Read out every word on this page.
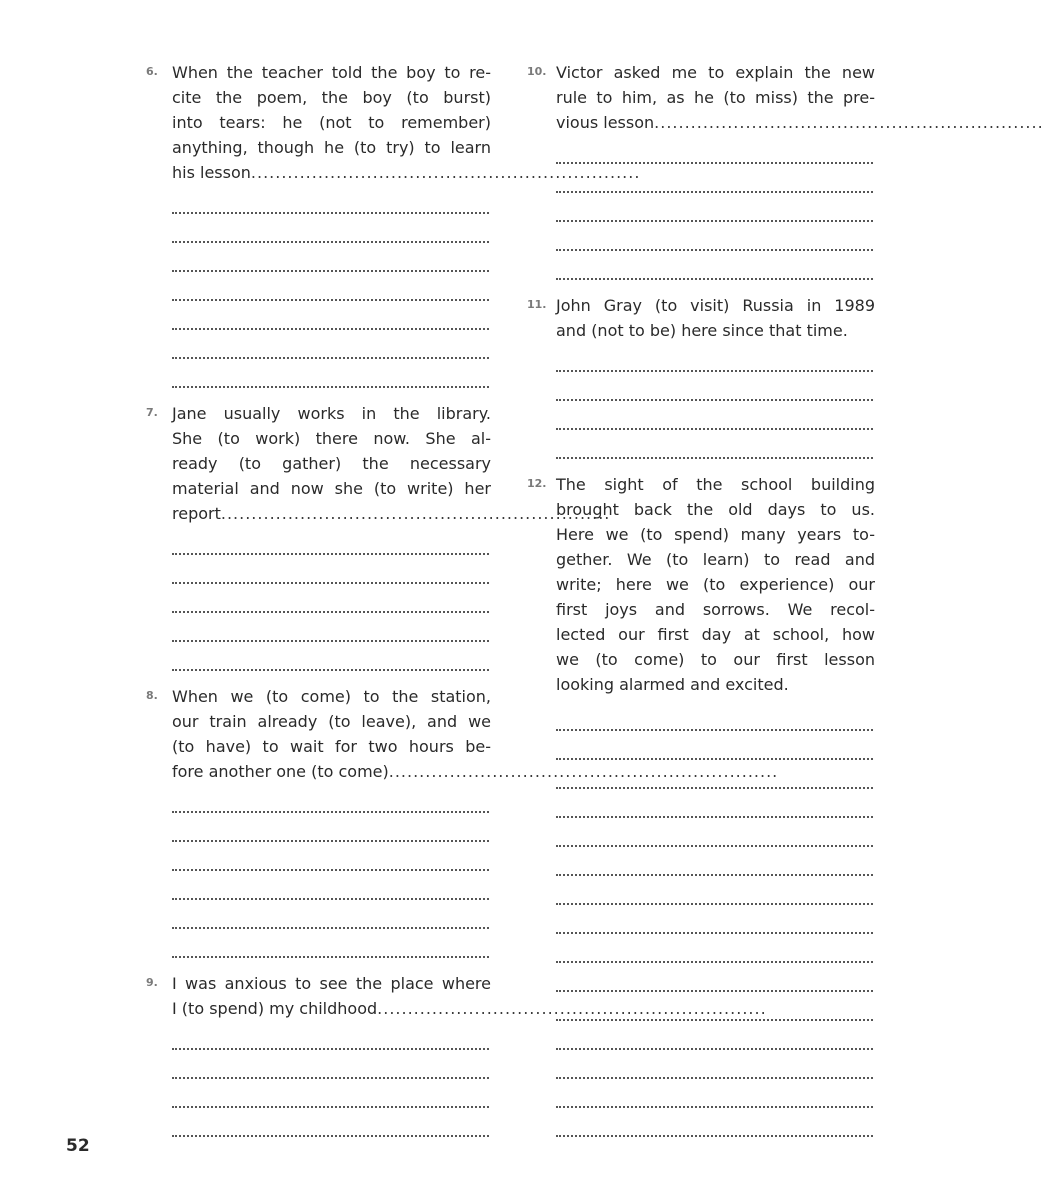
6. When the teacher told the boy to re-
cite the poem, the boy (to burst)
into tears: he (not to remember)
anything, though he (to try) to learn
his lesson ................................................................
7. Jane usually works in the library.
She (to work) there now. She al-
ready (to gather) the necessary
material and now she (to write) her
report ................................................................
8. When we (to come) to the station,
our train already (to leave), and we
(to have) to wait for two hours be-
fore another one (to come) ................................................................
9. I was anxious to see the place where
I (to spend) my childhood ................................................................
10. Victor asked me to explain the new
rule to him, as he (to miss) the pre-
vious lesson ................................................................
11. John Gray (to visit) Russia in 1989
and (not to be) here since that time.
12. The sight of the school building
brought back the old days to us.
Here we (to spend) many years to-
gether. We (to learn) to read and
write; here we (to experience) our
first joys and sorrows. We recol-
lected our first day at school, how
we (to come) to our first lesson
looking alarmed and excited.
52
